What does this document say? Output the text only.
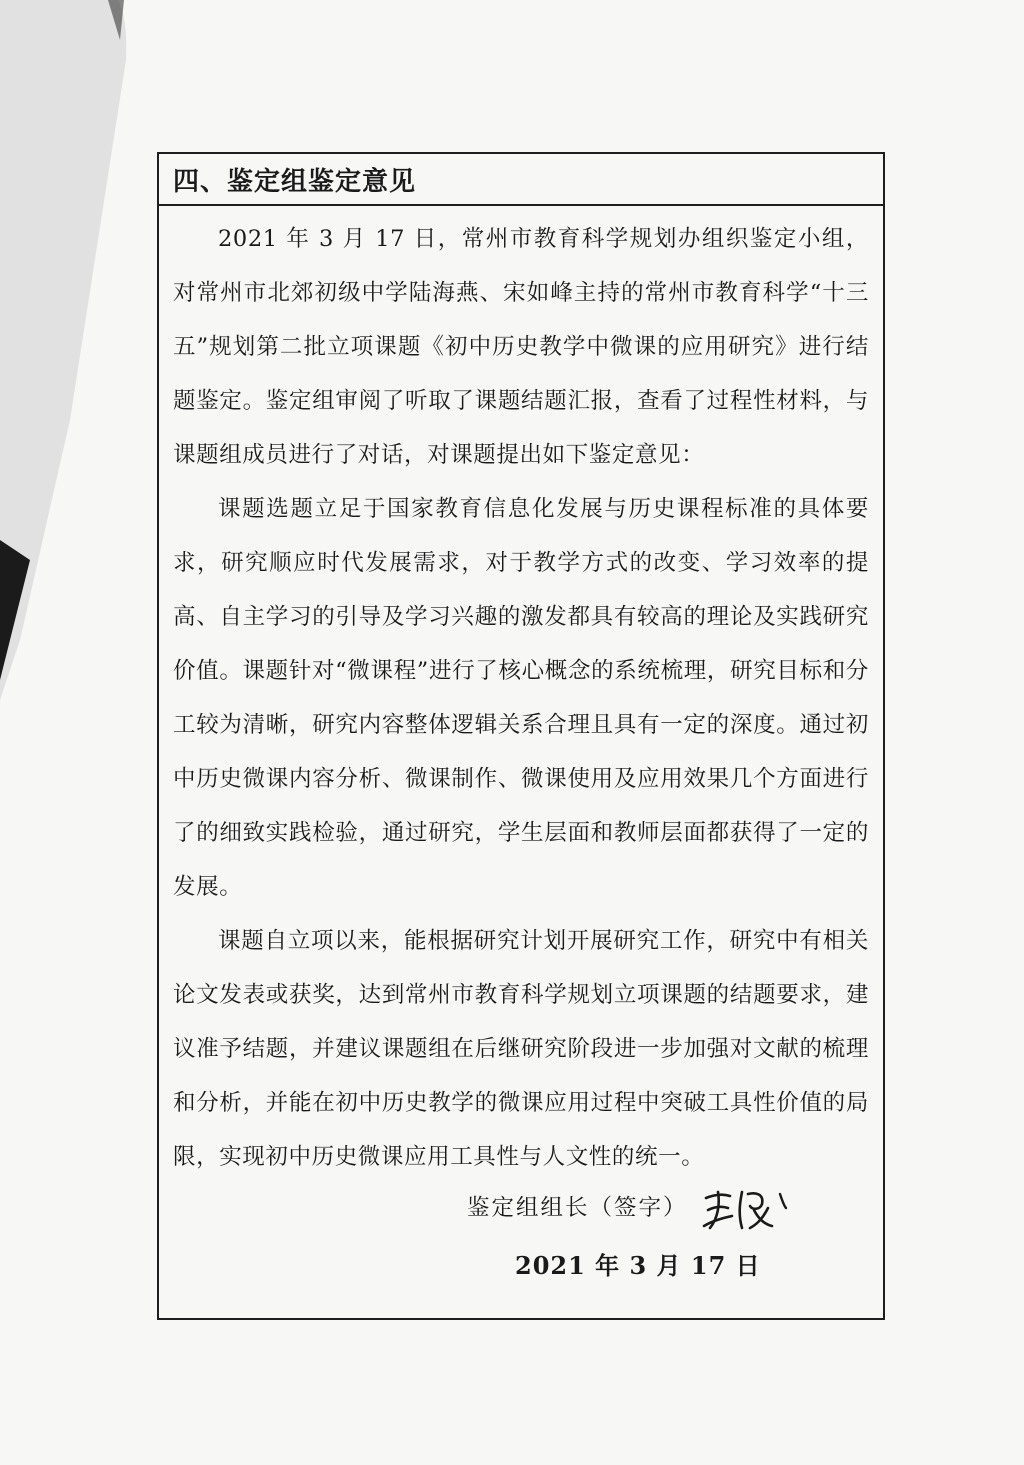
四、鉴定组鉴定意见

2021 年 3 月 17 日，常州市教育科学规划办组织鉴定小组，对常州市北郊初级中学陆海燕、宋如峰主持的常州市教育科学“十三五”规划第二批立项课题《初中历史教学中微课的应用研究》进行结题鉴定。鉴定组审阅了听取了课题结题汇报，查看了过程性材料，与课题组成员进行了对话，对课题提出如下鉴定意见：

课题选题立足于国家教育信息化发展与历史课程标准的具体要求，研究顺应时代发展需求，对于教学方式的改变、学习效率的提高、自主学习的引导及学习兴趣的激发都具有较高的理论及实践研究价值。课题针对“微课程”进行了核心概念的系统梳理，研究目标和分工较为清晰，研究内容整体逻辑关系合理且具有一定的深度。通过初中历史微课内容分析、微课制作、微课使用及应用效果几个方面进行了的细致实践检验，通过研究，学生层面和教师层面都获得了一定的发展。

课题自立项以来，能根据研究计划开展研究工作，研究中有相关论文发表或获奖，达到常州市教育科学规划立项课题的结题要求，建议准予结题，并建议课题组在后继研究阶段进一步加强对文献的梳理和分析，并能在初中历史教学的微课应用过程中突破工具性价值的局限，实现初中历史微课应用工具性与人文性的统一。

鉴定组组长（签字）
2021 年 3 月 17 日
